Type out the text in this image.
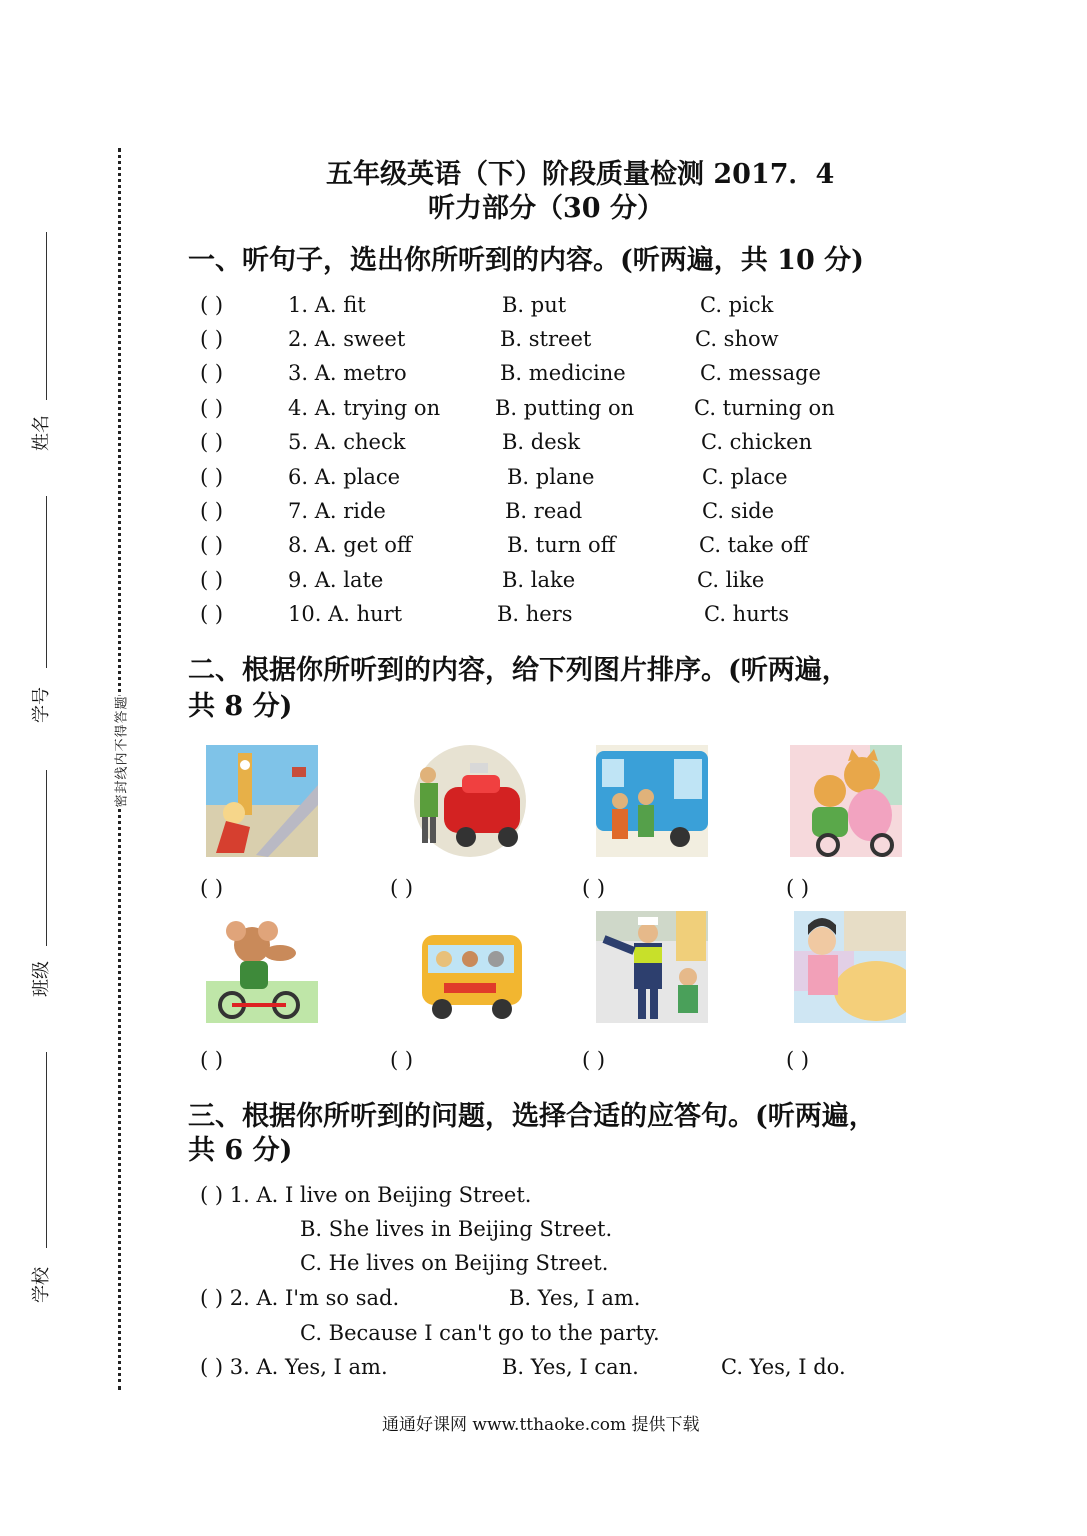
姓名
学号
班级
学校
密封线内不得答题
五年级英语（下）阶段质量检测 2017．4
听力部分（30 分）
一、听句子，选出你所听到的内容。(听两遍，共 10 分)
( )	1. A. fit	B. put	C. pick
( )	2. A. sweet	B. street	C. show
( )	3. A. metro	B. medicine	C. message
( )	4. A. trying on	B. putting on	C. turning on
( )	5. A. check	B. desk	C. chicken
( )	6. A. place	B. plane	C. place
( )	7. A. ride	B. read	C. side
( )	8. A. get off	B. turn off	C. take off
( )	9. A. late	B. lake	C. like
( )	10. A. hurt	B. hers	C. hurts
二、根据你所听到的内容，给下列图片排序。(听两遍，
共 8 分)
( )	( )	( )	( )
( )	( )	( )	( )
三、根据你所听到的问题，选择合适的应答句。(听两遍，
共 6 分)
( ) 1. A. I live on Beijing Street.
B. She lives in Beijing Street.
C. He lives on Beijing Street.
( ) 2. A. I'm so sad.	B. Yes, I am.
C. Because I can't go to the party.
( ) 3. A. Yes, I am.	B. Yes, I can.	C. Yes, I do.
通通好课网 www.tthaoke.com 提供下载
